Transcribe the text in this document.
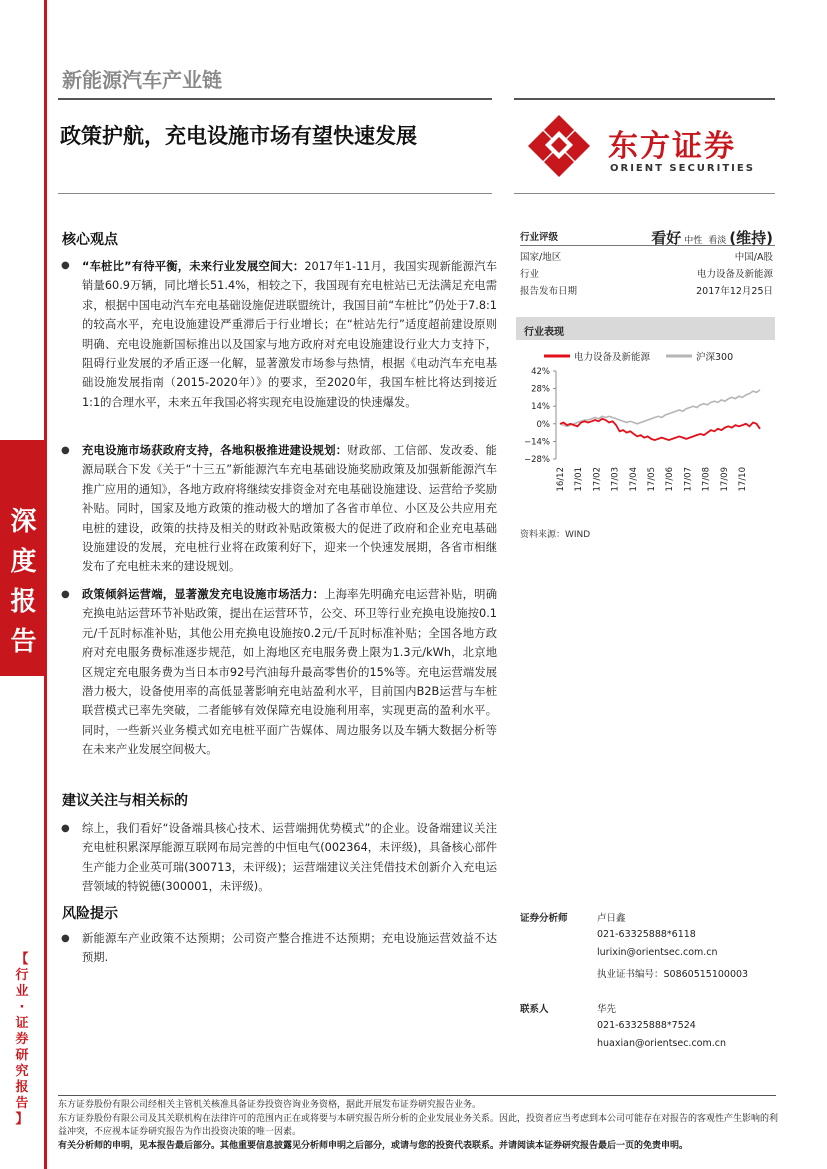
深
度
报
告
【
行
业
·
证
券
研
究
报
告
】
新能源汽车产业链
政策护航，充电设施市场有望快速发展	东方证券
ORIENT SECURITIES
核心观点
● “车桩比”有待平衡，未来行业发展空间大：2017年1-11月，我国实现新能源汽车销量60.9万辆，同比增长51.4%，相较之下，我国现有充电桩站已无法满足充电需求，根据中国电动汽车充电基础设施促进联盟统计，我国目前“车桩比”仍处于7.8:1的较高水平，充电设施建设严重滞后于行业增长；在“桩站先行”适度超前建设原则明确、充电设施新国标推出以及国家与地方政府对充电设施建设行业大力支持下，阻碍行业发展的矛盾正逐一化解，显著激发市场参与热情，根据《电动汽车充电基础设施发展指南（2015-2020年）》的要求，至2020年，我国车桩比将达到接近1:1的合理水平，未来五年我国必将实现充电设施建设的快速爆发。
● 充电设施市场获政府支持，各地积极推进建设规划：财政部、工信部、发改委、能源局联合下发《关于“十三五”新能源汽车充电基础设施奖励政策及加强新能源汽车推广应用的通知》，各地方政府将继续安排资金对充电基础设施建设、运营给予奖励补贴。同时，国家及地方政策的推动极大的增加了各省市单位、小区及公共应用充电桩的建设，政策的扶持及相关的财政补贴政策极大的促进了政府和企业充电基础设施建设的发展，充电桩行业将在政策利好下，迎来一个快速发展期，各省市相继发布了充电桩未来的建设规划。
● 政策倾斜运营端，显著激发充电设施市场活力：上海率先明确充电运营补贴，明确充换电站运营环节补贴政策，提出在运营环节，公交、环卫等行业充换电设施按0.1元/千瓦时标准补贴，其他公用充换电设施按0.2元/千瓦时标准补贴；全国各地方政府对充电服务费标准逐步规范，如上海地区充电服务费上限为1.3元/kWh，北京地区规定充电服务费为当日本市92号汽油每升最高零售价的15%等。充电运营端发展潜力极大，设备使用率的高低显著影响充电站盈利水平，目前国内B2B运营与车桩联营模式已率先突破，二者能够有效保障充电设施利用率，实现更高的盈利水平。同时，一些新兴业务模式如充电桩平面广告媒体、周边服务以及车辆大数据分析等在未来产业发展空间极大。
建议关注与相关标的
● 综上，我们看好“设备端具核心技术、运营端拥优势模式”的企业。设备端建议关注充电桩积累深厚能源互联网布局完善的中恒电气(002364，未评级)，具备核心部件生产能力企业英可瑞(300713，未评级)；运营端建议关注凭借技术创新介入充电运营领域的特锐德(300001，未评级)。
风险提示
● 新能源车产业政策不达预期；公司资产整合推进不达预期；充电设施运营效益不达预期.
行业评级	看好 中性 看淡 (维持)
国家/地区	中国/A股
行业	电力设备及新能源
报告发布日期	2017年12月25日
行业表现
电力设备及新能源	沪深300
42%
28%
14%
0%
−14%
−28%
16/12 17/01 17/02 17/03 17/04 17/05 17/06 17/07 17/08 17/09 17/10
资料来源：WIND
证券分析师	卢日鑫
021-63325888*6118
lurixin@orientsec.com.cn
执业证书编号：S0860515100003
联系人	华先
021-63325888*7524
huaxian@orientsec.com.cn
东方证券股份有限公司经相关主管机关核准具备证券投资咨询业务资格，据此开展发布证券研究报告业务。
东方证券股份有限公司及其关联机构在法律许可的范围内正在或将要与本研究报告所分析的企业发展业务关系。因此，投资者应当考虑到本公司可能存在对报告的客观性产生影响的利益冲突，不应视本证券研究报告为作出投资决策的唯一因素。
有关分析师的申明，见本报告最后部分。其他重要信息披露见分析师申明之后部分，或请与您的投资代表联系。并请阅读本证券研究报告最后一页的免责申明。
